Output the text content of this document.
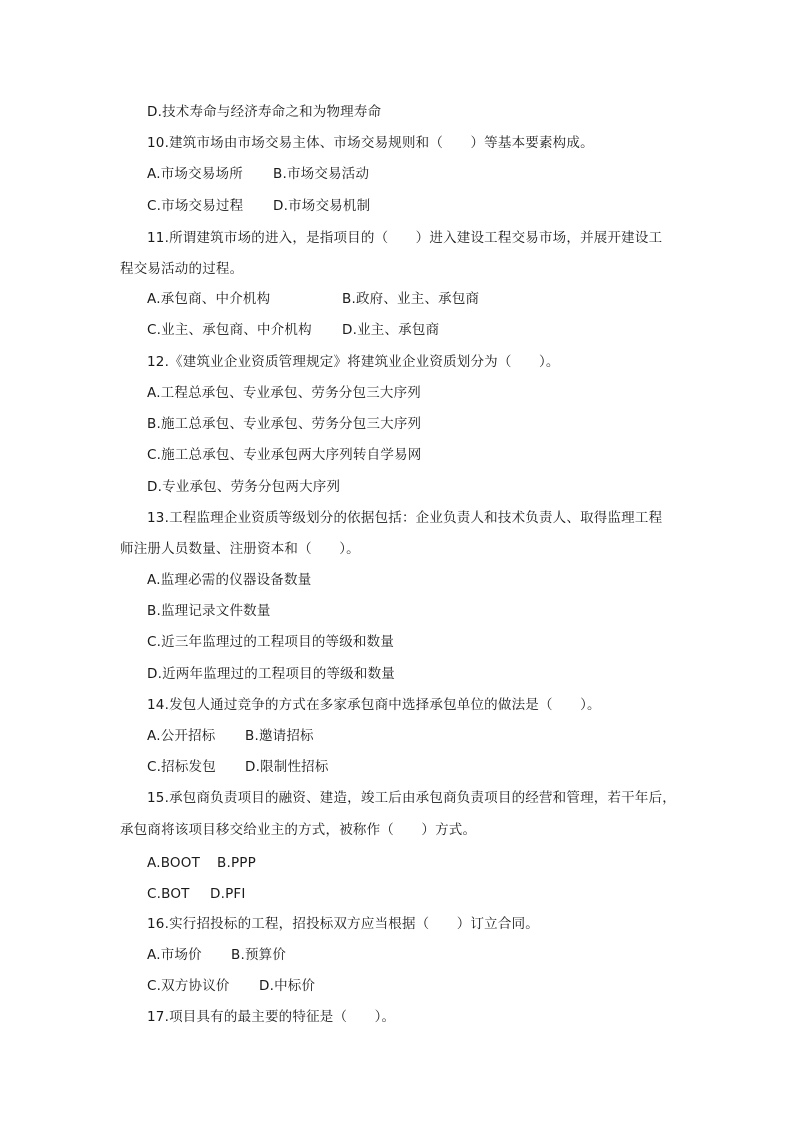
D.技术寿命与经济寿命之和为物理寿命
10.建筑市场由市场交易主体、市场交易规则和（　　）等基本要素构成。
A.市场交易场所 B.市场交易活动
C.市场交易过程 D.市场交易机制
11.所谓建筑市场的进入，是指项目的（　　）进入建设工程交易市场，并展开建设工
程交易活动的过程。
A.承包商、中介机构	B.政府、业主、承包商
C.业主、承包商、中介机构 D.业主、承包商
12.《建筑业企业资质管理规定》将建筑业企业资质划分为（　　）。
A.工程总承包、专业承包、劳务分包三大序列
B.施工总承包、专业承包、劳务分包三大序列
C.施工总承包、专业承包两大序列转自学易网
D.专业承包、劳务分包两大序列
13.工程监理企业资质等级划分的依据包括：企业负责人和技术负责人、取得监理工程
师注册人员数量、注册资本和（　　）。
A.监理必需的仪器设备数量
B.监理记录文件数量
C.近三年监理过的工程项目的等级和数量
D.近两年监理过的工程项目的等级和数量
14.发包人通过竞争的方式在多家承包商中选择承包单位的做法是（　　）。
A.公开招标 B.邀请招标
C.招标发包 D.限制性招标
15.承包商负责项目的融资、建造，竣工后由承包商负责项目的经营和管理，若干年后，
承包商将该项目移交给业主的方式，被称作（　　）方式。
A.BOOT B.PPP
C.BOT D.PFI
16.实行招投标的工程，招投标双方应当根据（　　）订立合同。
A.市场价 B.预算价
C.双方协议价 D.中标价
17.项目具有的最主要的特征是（　　）。
